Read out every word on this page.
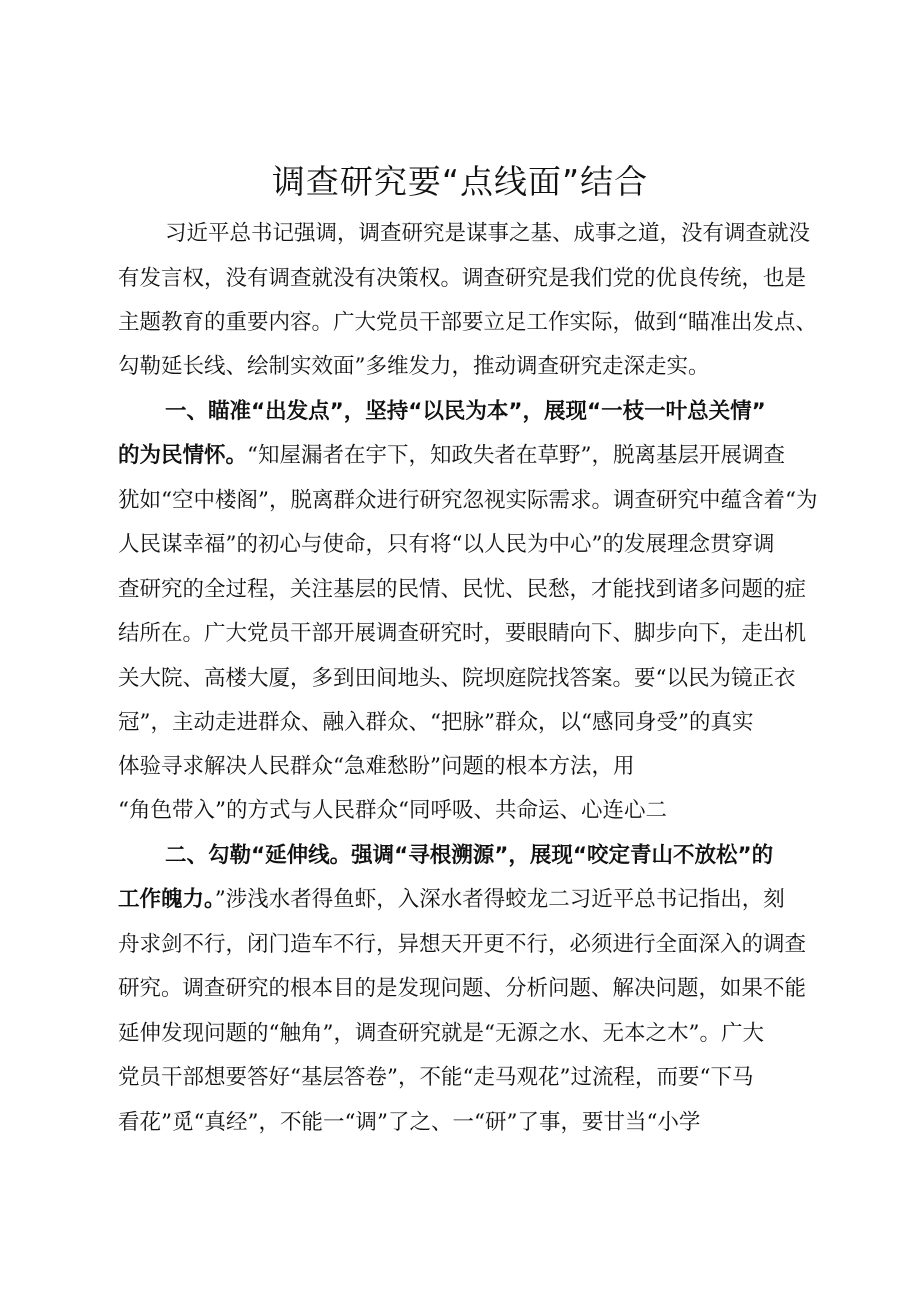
调查研究要“点线面”结合
习近平总书记强调，调查研究是谋事之基、成事之道，没有调查就没
有发言权，没有调查就没有决策权。调查研究是我们党的优良传统，也是
主题教育的重要内容。广大党员干部要立足工作实际，做到“瞄准出发点、
勾勒延长线、绘制实效面”多维发力，推动调查研究走深走实。
一、瞄准“出发点”，坚持“以民为本”，展现“一枝一叶总关情”
的为民情怀。“知屋漏者在宇下，知政失者在草野”，脱离基层开展调查
犹如“空中楼阁”，脱离群众进行研究忽视实际需求。调查研究中蕴含着“为
人民谋幸福”的初心与使命，只有将“以人民为中心”的发展理念贯穿调
查研究的全过程，关注基层的民情、民忧、民愁，才能找到诸多问题的症
结所在。广大党员干部开展调查研究时，要眼睛向下、脚步向下，走出机
关大院、高楼大厦，多到田间地头、院坝庭院找答案。要“以民为镜正衣
冠”，主动走进群众、融入群众、“把脉”群众，以“感同身受”的真实
体验寻求解决人民群众“急难愁盼”问题的根本方法，用
“角色带入”的方式与人民群众“同呼吸、共命运、心连心二
二、勾勒“延伸线。强调“寻根溯源”，展现“咬定青山不放松”的
工作魄力。”涉浅水者得鱼虾，入深水者得蛟龙二习近平总书记指出，刻
舟求剑不行，闭门造车不行，异想天开更不行，必须进行全面深入的调查
研究。调查研究的根本目的是发现问题、分析问题、解决问题，如果不能
延伸发现问题的“触角”，调查研究就是“无源之水、无本之木”。广大
党员干部想要答好“基层答卷”，不能“走马观花”过流程，而要“下马
看花”觅“真经”，不能一“调”了之、一“研”了事，要甘当“小学
